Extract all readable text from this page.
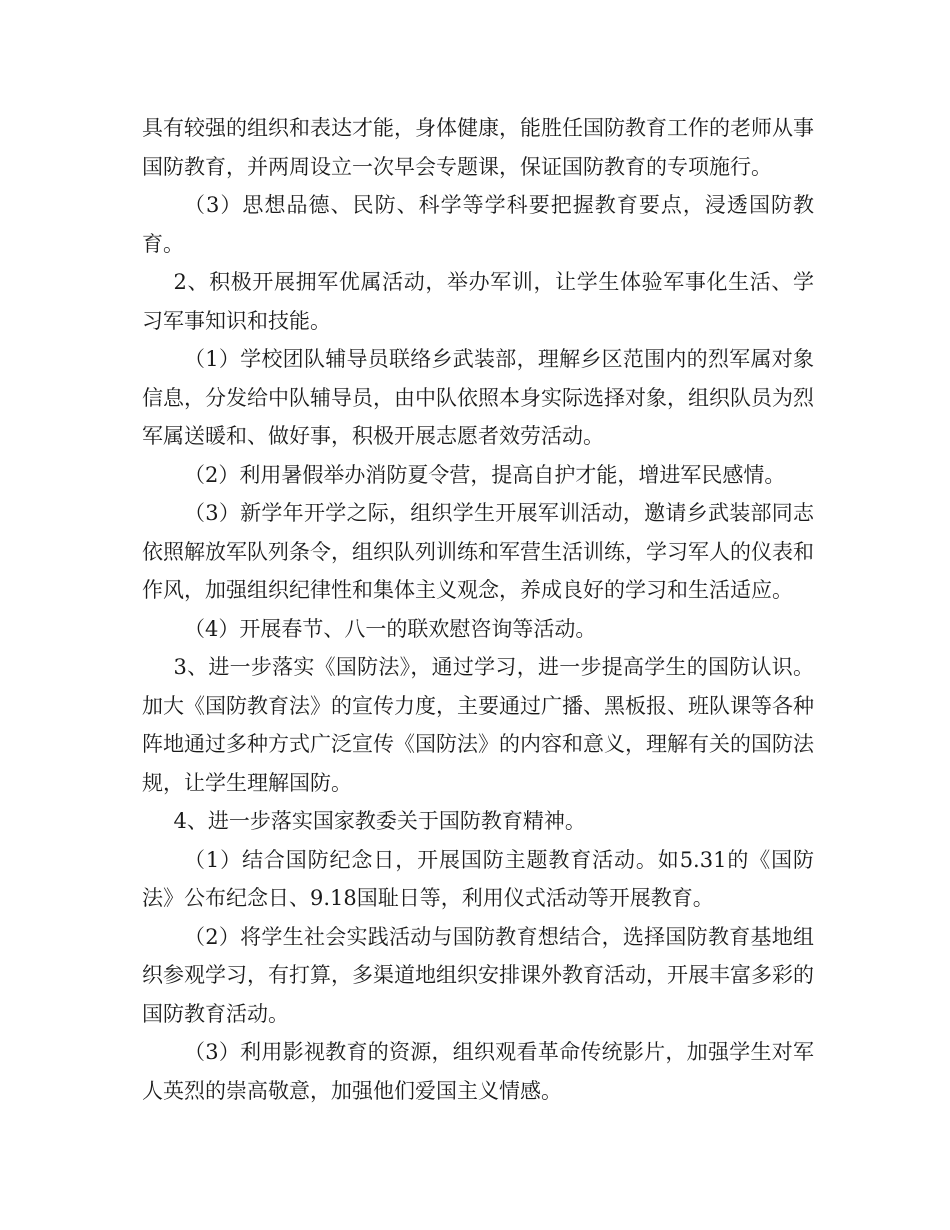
具有较强的组织和表达才能，身体健康，能胜任国防教育工作的老师从事国防教育，并两周设立一次早会专题课，保证国防教育的专项施行。

（3）思想品德、民防、科学等学科要把握教育要点，浸透国防教育。

2、积极开展拥军优属活动，举办军训，让学生体验军事化生活、学习军事知识和技能。

（1）学校团队辅导员联络乡武装部，理解乡区范围内的烈军属对象信息，分发给中队辅导员，由中队依照本身实际选择对象，组织队员为烈军属送暖和、做好事，积极开展志愿者效劳活动。

（2）利用暑假举办消防夏令营，提高自护才能，增进军民感情。

（3）新学年开学之际，组织学生开展军训活动，邀请乡武装部同志依照解放军队列条令，组织队列训练和军营生活训练，学习军人的仪表和作风，加强组织纪律性和集体主义观念，养成良好的学习和生活适应。

（4）开展春节、八一的联欢慰咨询等活动。

3、进一步落实《国防法》，通过学习，进一步提高学生的国防认识。加大《国防教育法》的宣传力度，主要通过广播、黑板报、班队课等各种阵地通过多种方式广泛宣传《国防法》的内容和意义，理解有关的国防法规，让学生理解国防。

4、进一步落实国家教委关于国防教育精神。

（1）结合国防纪念日，开展国防主题教育活动。如5.31的《国防法》公布纪念日、9.18国耻日等，利用仪式活动等开展教育。

（2）将学生社会实践活动与国防教育想结合，选择国防教育基地组织参观学习，有打算，多渠道地组织安排课外教育活动，开展丰富多彩的国防教育活动。

（3）利用影视教育的资源，组织观看革命传统影片，加强学生对军人英烈的崇高敬意，加强他们爱国主义情感。
